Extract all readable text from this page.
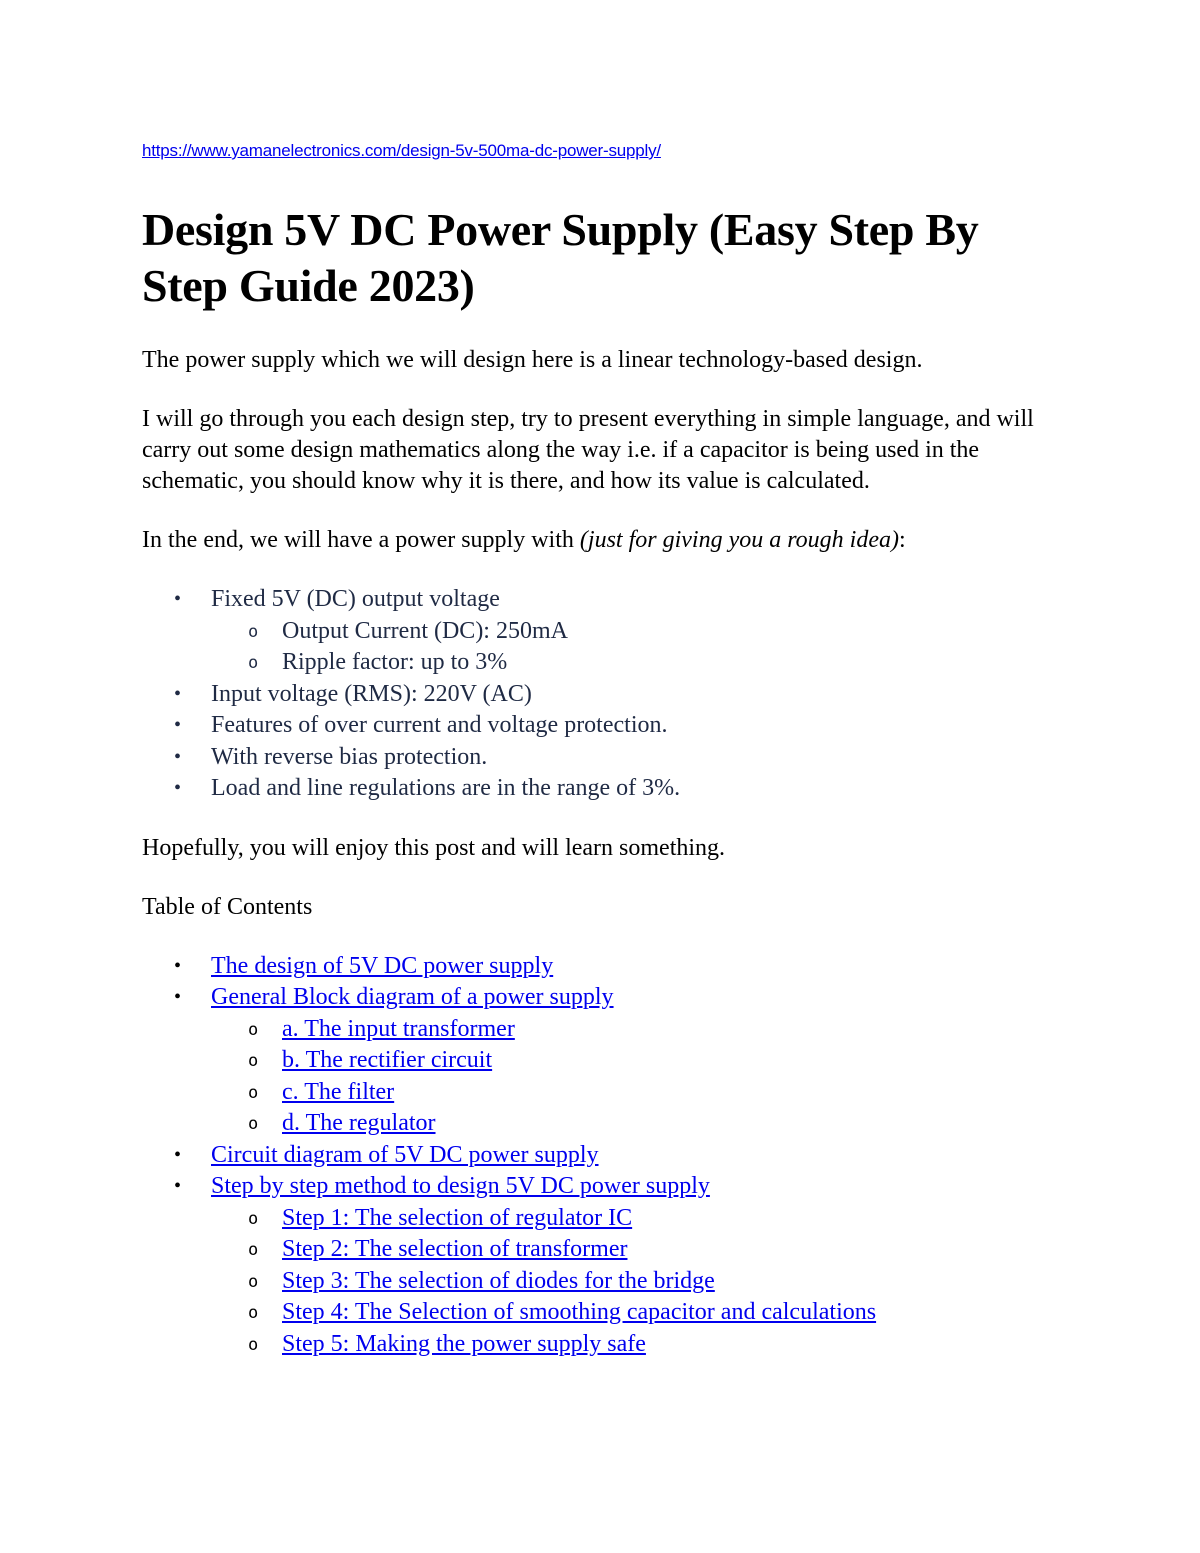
https://www.yamanelectronics.com/design-5v-500ma-dc-power-supply/
Design 5V DC Power Supply (Easy Step By
Step Guide 2023)

The power supply which we will design here is a linear technology-based design.

I will go through you each design step, try to present everything in simple language, and will carry out some design mathematics along the way i.e. if a capacitor is being used in the schematic, you should know why it is there, and how its value is calculated.

In the end, we will have a power supply with (just for giving you a rough idea):

• Fixed 5V (DC) output voltage
o Output Current (DC): 250mA
o Ripple factor: up to 3%
• Input voltage (RMS): 220V (AC)
• Features of over current and voltage protection.
• With reverse bias protection.
• Load and line regulations are in the range of 3%.

Hopefully, you will enjoy this post and will learn something.

Table of Contents

• The design of 5V DC power supply
• General Block diagram of a power supply
o a. The input transformer
o b. The rectifier circuit
o c. The filter
o d. The regulator
• Circuit diagram of 5V DC power supply
• Step by step method to design 5V DC power supply
o Step 1: The selection of regulator IC
o Step 2: The selection of transformer
o Step 3: The selection of diodes for the bridge
o Step 4: The Selection of smoothing capacitor and calculations
o Step 5: Making the power supply safe
